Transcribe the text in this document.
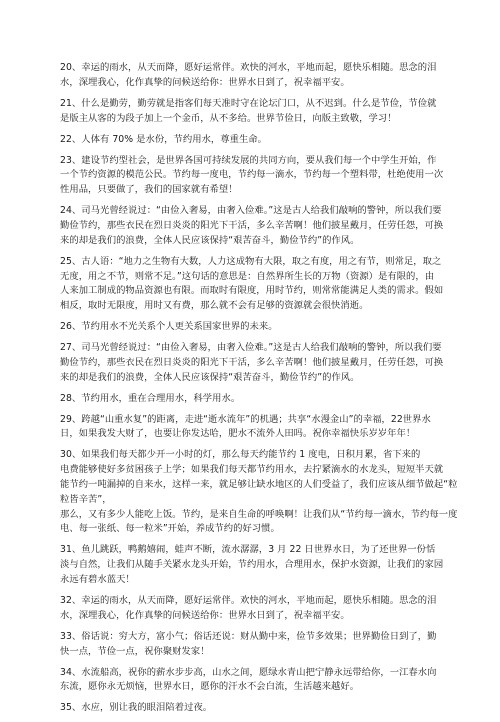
20、幸运的雨水，从天而降，愿好运常伴。欢快的河水，平地而起，愿快乐相随。思念的泪
水，深埋我心，化作真挚的问候送给你：世界水日到了，祝幸福平安。

21、什么是勤劳，勤劳就是指客们每天准时守在论坛门口，从不迟到。什么是节俭，节俭就
是版主从客的为段子加上一个金币，从不多给。世界节俭日，向版主致敬，学习！

22、人体有 70% 是水份，节约用水，尊重生命。

23、建设节约型社会，是世界各国可持续发展的共同方向，要从我们每一个中学生开始，作
一个节约资源的模范公民。节约每一度电，节约每一滴水，节约每一个塑料带，杜绝使用一次
性用品，只要做了，我们的国家就有希望！

24、司马光曾经说过：“由俭入奢易，由奢入俭难。”这是古人给我们敲响的警钟，所以我们要
勤俭节约，那些衣民在烈日炎炎的阳光下干活，多么辛苦啊！他们披星戴月，任劳任怨，可换
来的却是我们的浪费，全体人民应该保持“艰苦奋斗，勤俭节约”的作风。

25、古人语：“地力之生物有大数，人力这成物有大限，取之有度，用之有节，则常足，取之
无度，用之不节，则常不足。”这句话的意思是：自然界所生长的万物（资源）是有限的，由
人来加工制成的物品资源也有限。而取时有限度，用时节约，则常常能满足人类的需求。假如
相反，取时无限度，用时又有费，那么就不会有足够的资源就会很快消逝。

26、节约用水不光关系个人更关系国家世界的未来。

27、司马光曾经说过：“由俭入奢易，由奢入俭难。”这是古人给我们敲响的警钟，所以我们要
勤俭节约，那些衣民在烈日炎炎的阳光下干活，多么辛苦啊！他们披星戴月，任劳任怨，可换
来的却是我们的浪费，全体人民应该保持“艰苦奋斗，勤俭节约”的作风。

28、节约用水，重在合理用水，科学用水。

29、跨越“山重水复”的距离，走进“逝水流年”的机遇；共享“水漫金山”的幸福，22世界水
日，如果我发大财了，也要让你发达哈，肥水不流外人田吗。祝你幸福快乐岁岁年年！

30、如果我们每天都少开一小时的灯，那么每天约能节约 1 度电，日积月累，省下来的
电费能够使好多贫困孩子上学；如果我们每天都节约用水，去拧紧滴水的水龙头，短短半天就
能节约一吨漏掉的自来水，这样一来，就足够让缺水地区的人们受益了，我们应该从细节做起“粒粒皆辛苦”，
那么，又有多少人能吃上饭。节约，是来自生命的呼唤啊！让我们从“节约每一滴水，节约每一度
电、每一张纸、每一粒米”开始，养成节约的好习惯。

31、鱼儿跳跃，鸭鹅嬉闹，蛙声不断，流水潺潺，3 月 22 日世界水日，为了还世界一份恬
淡与自然，让我们从随手关紧水龙头开始，节约用水，合理用水，保护水资源，让我们的家园
永远有碧水蓝天！

32、幸运的雨水，从天而降，愿好运常伴。欢快的河水，平地而起，愿快乐相随。思念的泪
水，深埋我心，化作真挚的问候送给你：世界水日到了，祝幸福平安。

33、俗话说：穷大方，富小气；俗话还说：财从勤中来，俭节多效果；世界勤俭日到了，勤
快一点，节俭一点，祝你聚财发家！

34、水流船高，祝你的薪水步步高，山水之间，愿绿水青山把宁静永远带给你，一江春水向
东流，愿你永无烦恼，世界水日，愿你的汗水不会白流，生活越来越好。

35、水应，别让我的眼泪陪着过夜。
